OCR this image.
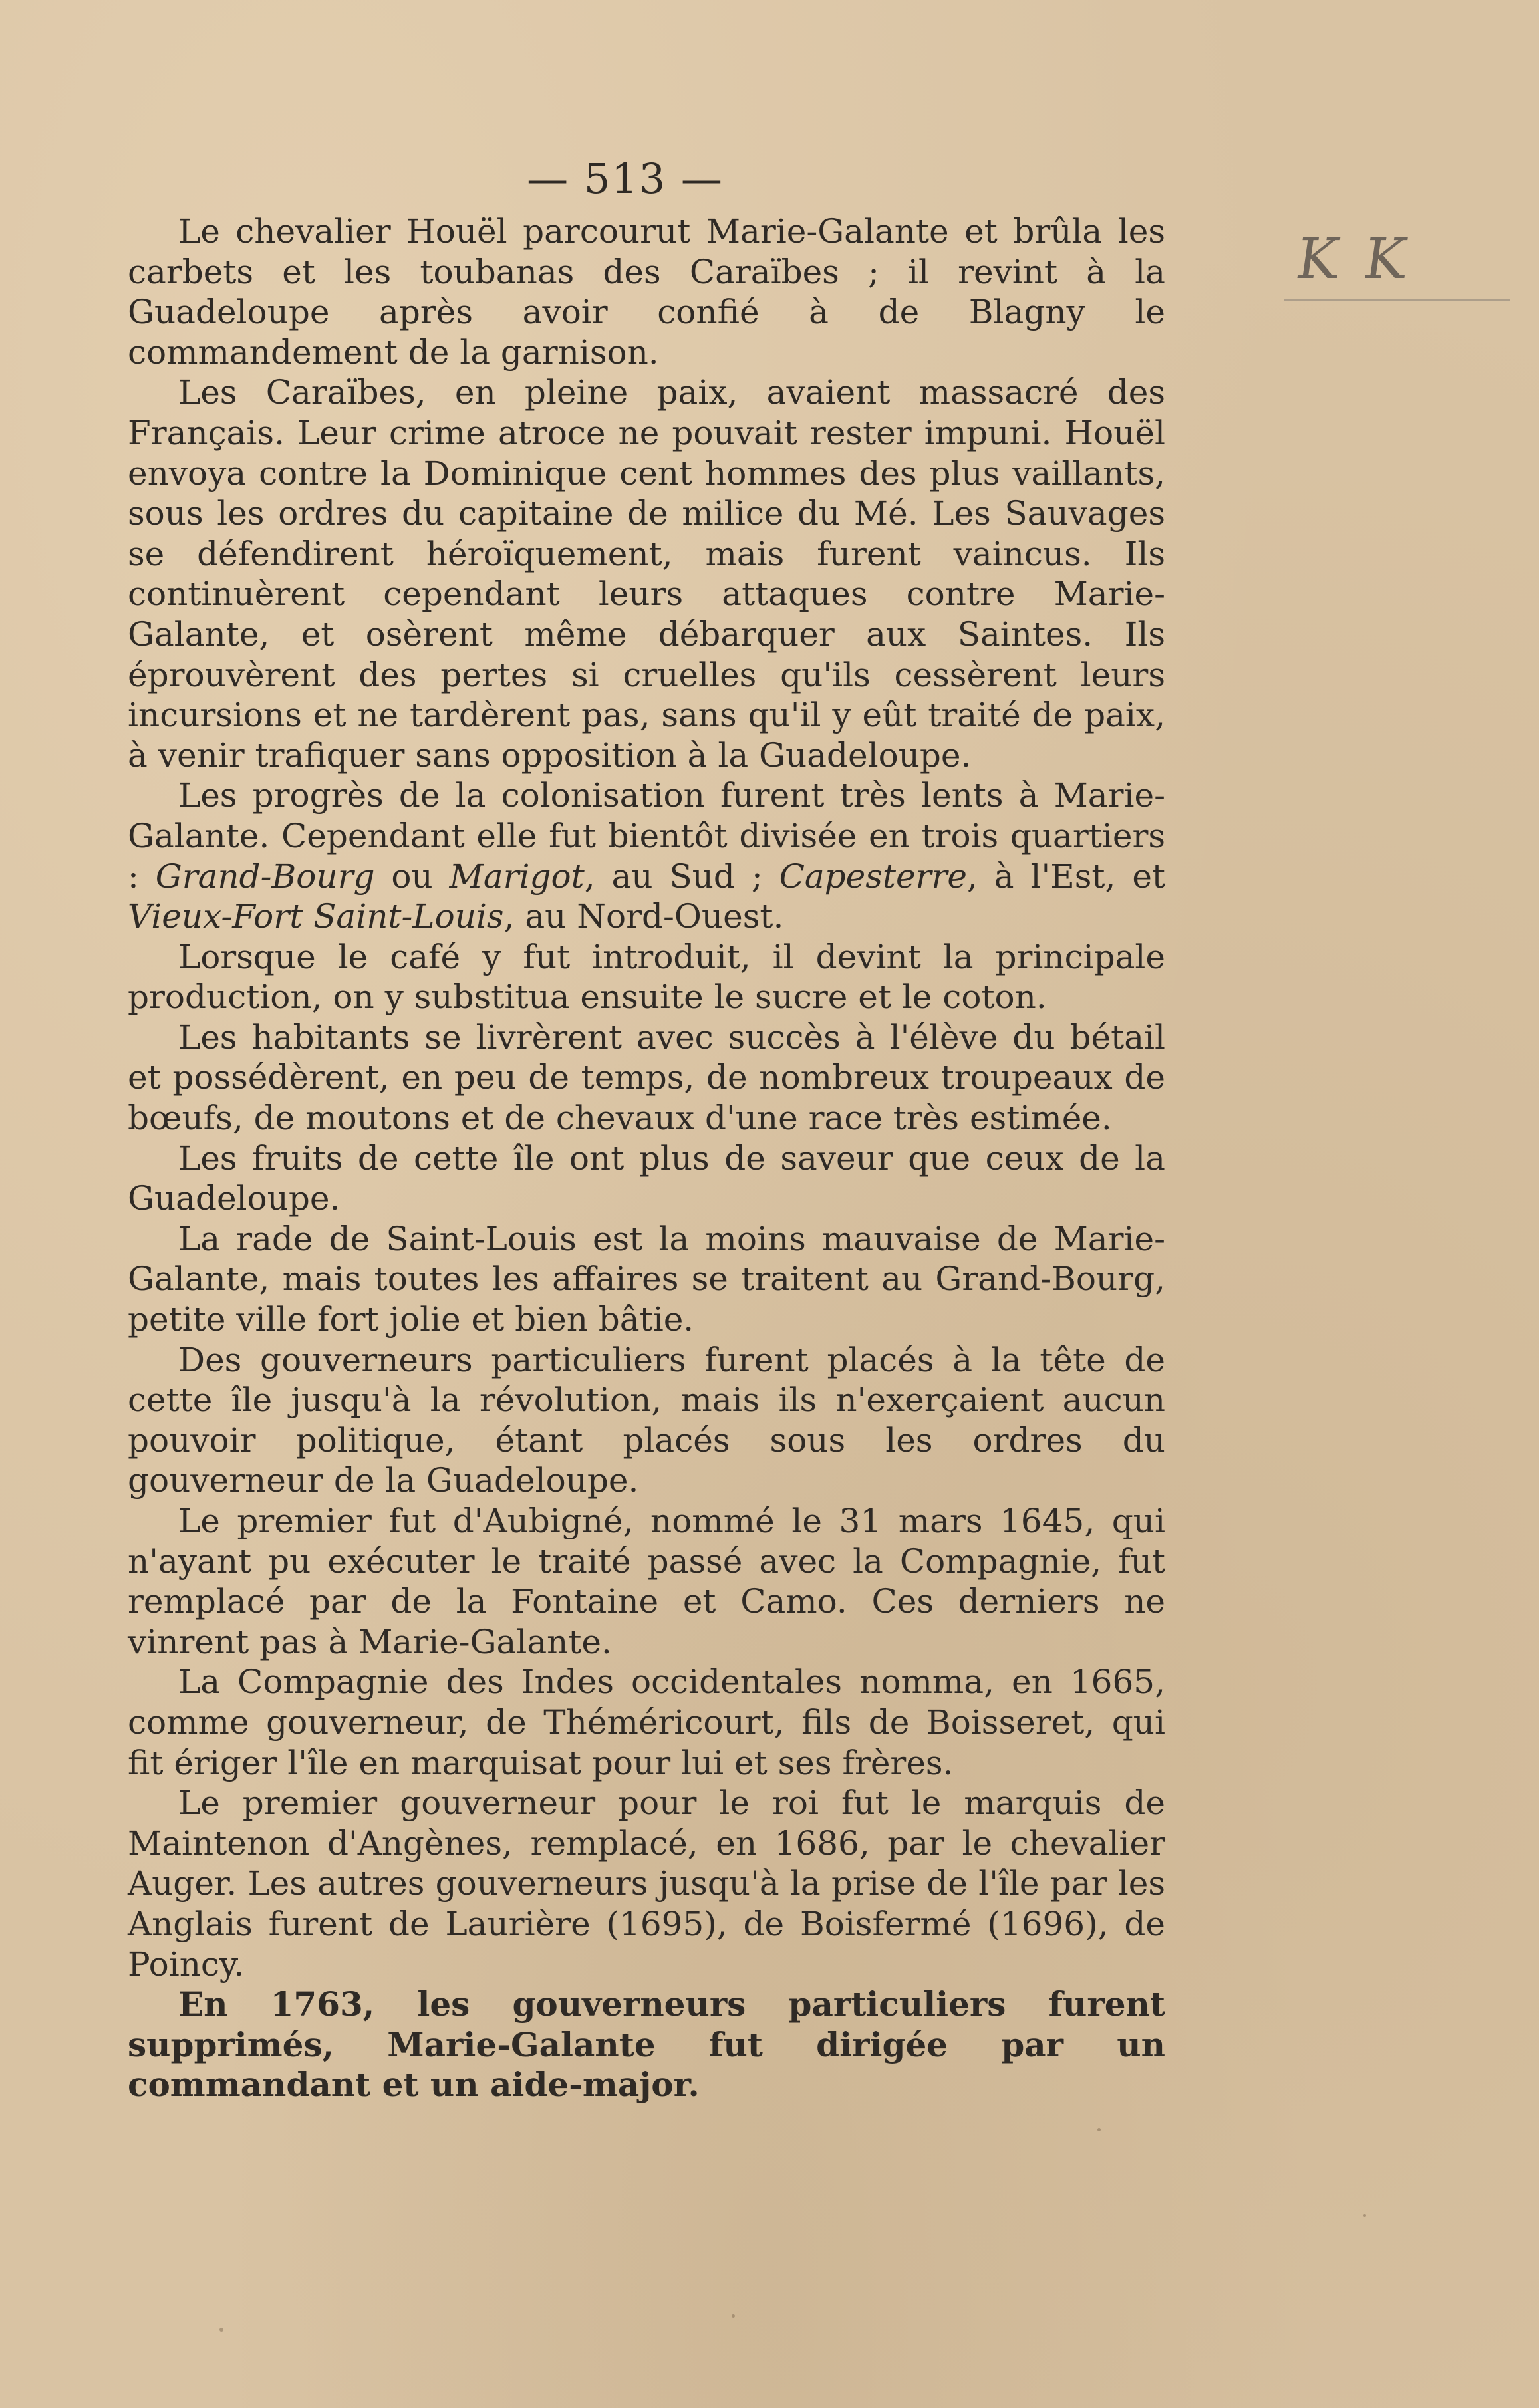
— 513 —
K K

Le chevalier Houël parcourut Marie-Galante et brûla les carbets et les toubanas des Caraïbes ; il revint à la Guadeloupe après avoir confié à de Blagny le commandement de la garnison.

Les Caraïbes, en pleine paix, avaient massacré des Français. Leur crime atroce ne pouvait rester impuni. Houël envoya contre la Dominique cent hommes des plus vaillants, sous les ordres du capitaine de milice du Mé. Les Sauvages se défendirent héroïquement, mais furent vaincus. Ils continuèrent cependant leurs attaques contre Marie-Galante, et osèrent même débarquer aux Saintes. Ils éprouvèrent des pertes si cruelles qu'ils cessèrent leurs incursions et ne tardèrent pas, sans qu'il y eût traité de paix, à venir trafiquer sans opposition à la Guadeloupe.

Les progrès de la colonisation furent très lents à Marie-Galante. Cependant elle fut bientôt divisée en trois quartiers : Grand-Bourg ou Marigot, au Sud ; Capesterre, à l'Est, et Vieux-Fort Saint-Louis, au Nord-Ouest.

Lorsque le café y fut introduit, il devint la principale production, on y substitua ensuite le sucre et le coton.

Les habitants se livrèrent avec succès à l'élève du bétail et possédèrent, en peu de temps, de nombreux troupeaux de bœufs, de moutons et de chevaux d'une race très estimée.

Les fruits de cette île ont plus de saveur que ceux de la Guadeloupe.

La rade de Saint-Louis est la moins mauvaise de Marie-Galante, mais toutes les affaires se traitent au Grand-Bourg, petite ville fort jolie et bien bâtie.

Des gouverneurs particuliers furent placés à la tête de cette île jusqu'à la révolution, mais ils n'exerçaient aucun pouvoir politique, étant placés sous les ordres du gouverneur de la Guadeloupe.

Le premier fut d'Aubigné, nommé le 31 mars 1645, qui n'ayant pu exécuter le traité passé avec la Compagnie, fut remplacé par de la Fontaine et Camo. Ces derniers ne vinrent pas à Marie-Galante.

La Compagnie des Indes occidentales nomma, en 1665, comme gouverneur, de Théméricourt, fils de Boisseret, qui fit ériger l'île en marquisat pour lui et ses frères.

Le premier gouverneur pour le roi fut le marquis de Maintenon d'Angènes, remplacé, en 1686, par le chevalier Auger. Les autres gouverneurs jusqu'à la prise de l'île par les Anglais furent de Laurière (1695), de Boisfermé (1696), de Poincy.

En 1763, les gouverneurs particuliers furent supprimés, Marie-Galante fut dirigée par un commandant et un aide-major.
